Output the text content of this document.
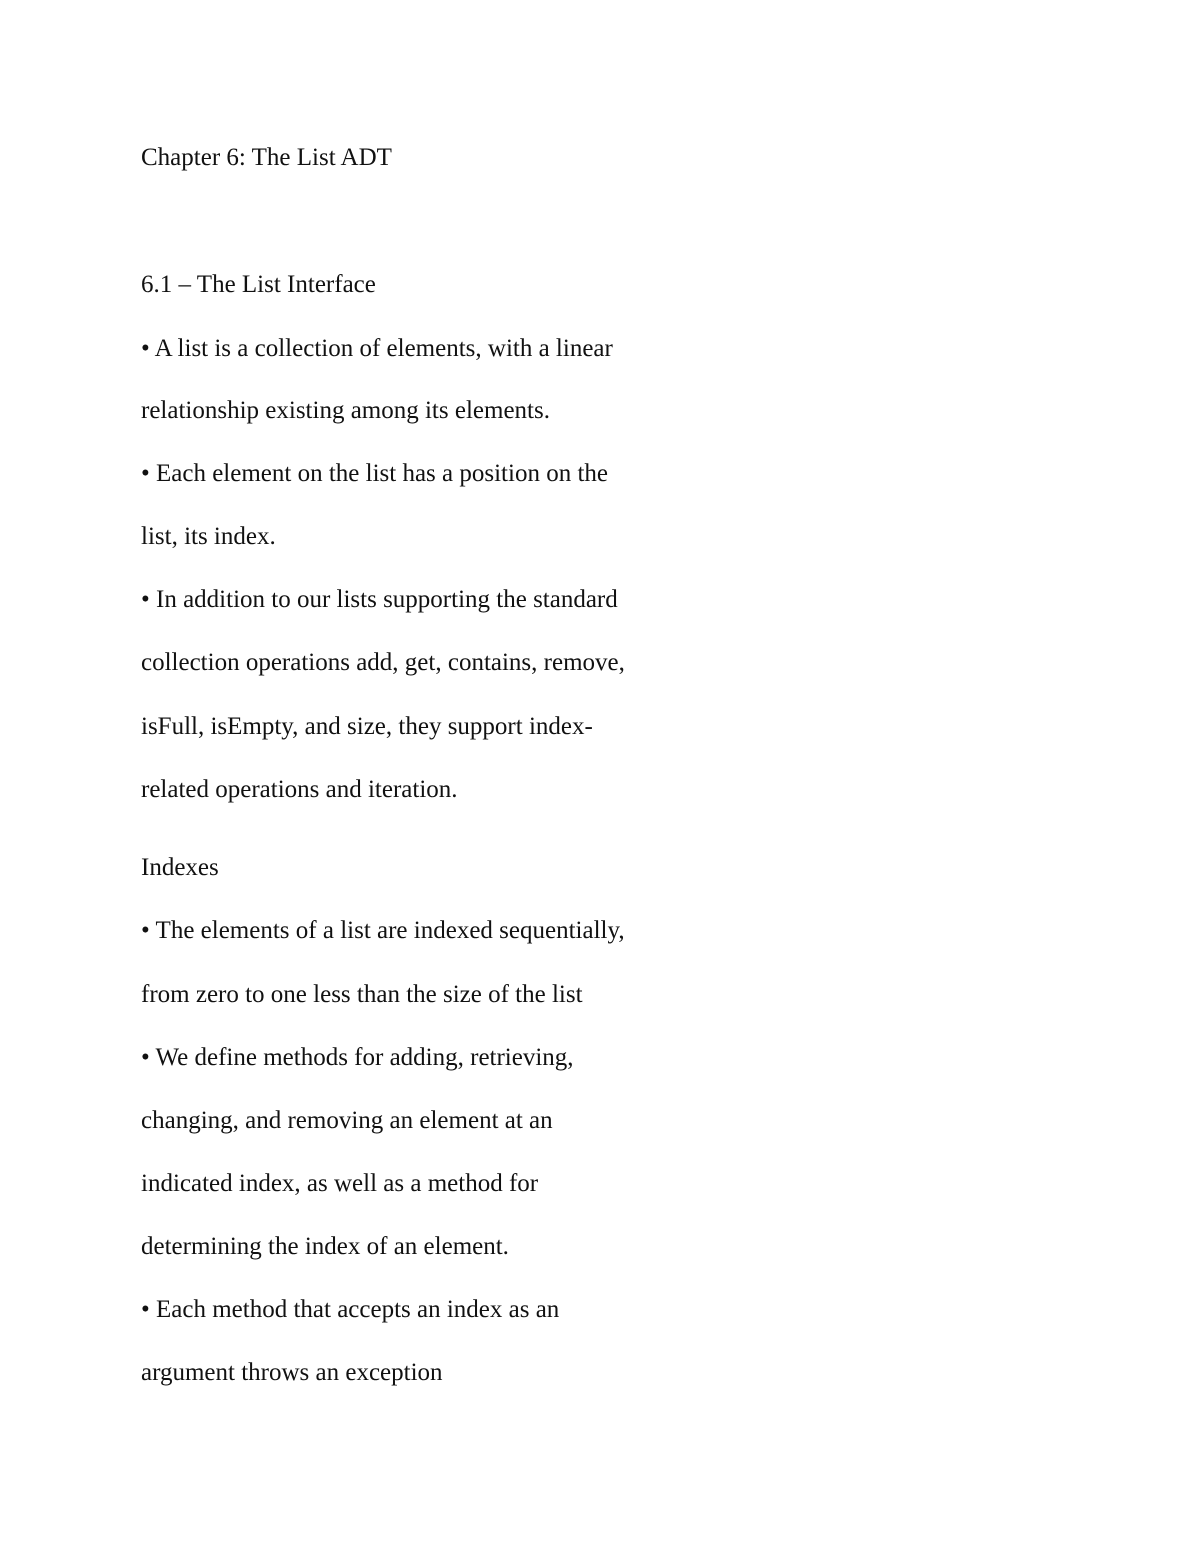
Chapter 6: The List ADT
6.1 – The List Interface

• A list is a collection of elements, with a linear

relationship existing among its elements.

• Each element on the list has a position on the

list, its index.

• In addition to our lists supporting the standard

collection operations add, get, contains, remove,

isFull, isEmpty, and size, they support index-

related operations and iteration.

Indexes

• The elements of a list are indexed sequentially,

from zero to one less than the size of the list

• We define methods for adding, retrieving,

changing, and removing an element at an

indicated index, as well as a method for

determining the index of an element.

• Each method that accepts an index as an

argument throws an exception
